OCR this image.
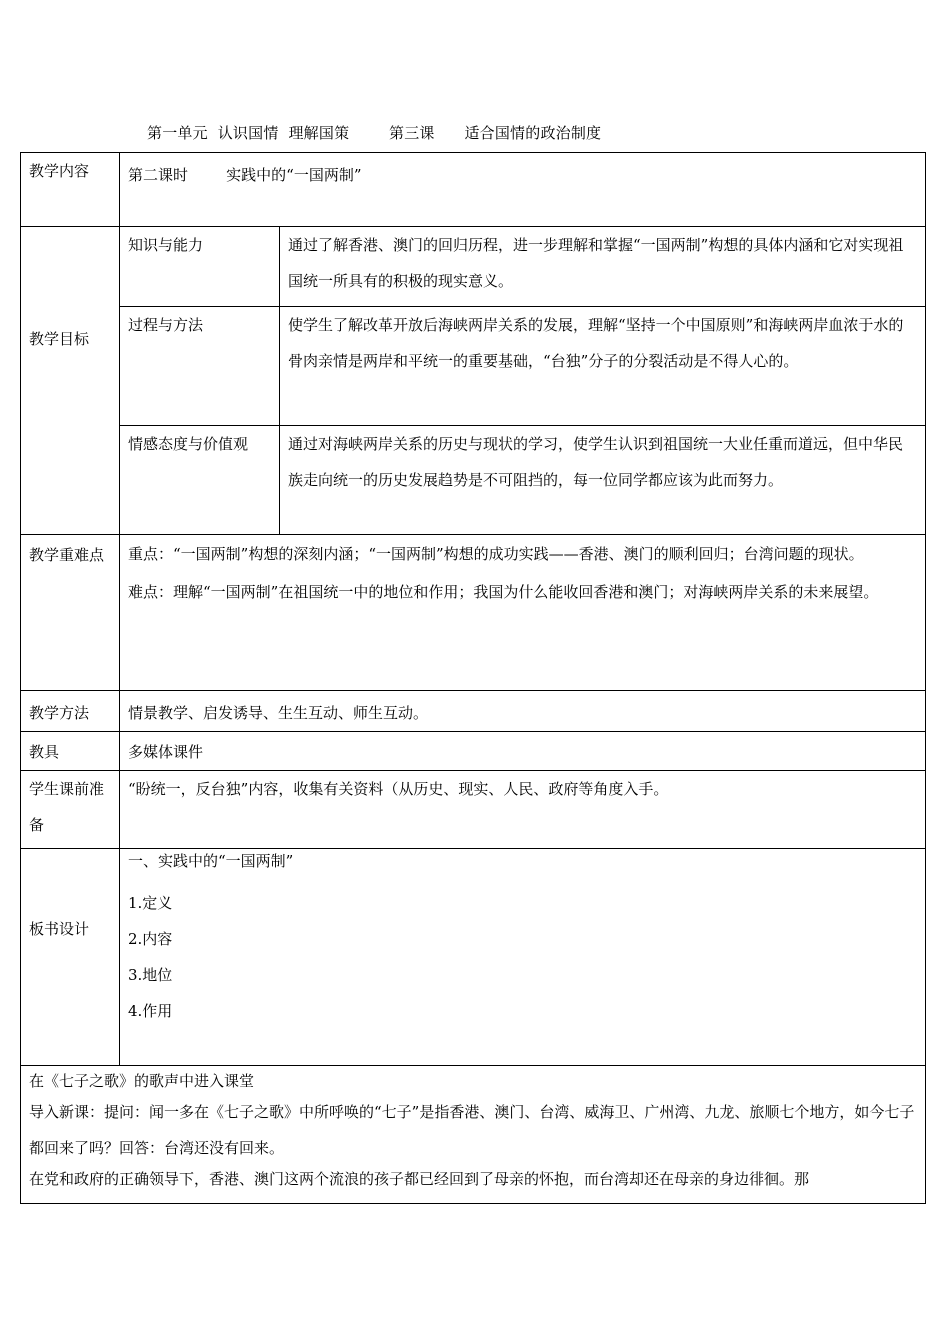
第一单元  认识国情  理解国策	第三课 适合国情的政治制度
教学内容	第二课时        实践中的“一国两制”	
教学目标	知识与能力	通过了解香港、澳门的回归历程，进一步理解和掌握“一国两制”构想的具体内涵和它对实现祖国统一所具有的积极的现实意义。
	过程与方法	使学生了解改革开放后海峡两岸关系的发展，理解“坚持一个中国原则”和海峡两岸血浓于水的骨肉亲情是两岸和平统一的重要基础，“台独”分子的分裂活动是不得人心的。
	情感态度与价值观	通过对海峡两岸关系的历史与现状的学习，使学生认识到祖国统一大业任重而道远，但中华民族走向统一的历史发展趋势是不可阻挡的，每一位同学都应该为此而努力。
教学重难点	重点：“一国两制”构想的深刻内涵；“一国两制”构想的成功实践——香港、澳门的顺利回归；台湾问题的现状。
难点：理解“一国两制”在祖国统一中的地位和作用；我国为什么能收回香港和澳门；对海峡两岸关系的未来展望。	

教学方法	情景教学、启发诱导、生生互动、师生互动。	
教具	多媒体课件	
学生课前准备	“盼统一，反台独”内容，收集有关资料（从历史、现实、人民、政府等角度入手。	
板书设计	一、实践中的“一国两制”
1.定义
2.内容
3.地位
4.作用	

在《七子之歌》的歌声中进入课堂
导入新课：提问：闻一多在《七子之歌》中所呼唤的“七子”是指香港、澳门、台湾、威海卫、广州湾、九龙、旅顺七个地方，如今七子都回来了吗？回答：台湾还没有回来。
在党和政府的正确领导下，香港、澳门这两个流浪的孩子都已经回到了母亲的怀抱，而台湾却还在母亲的身边徘徊。那		
